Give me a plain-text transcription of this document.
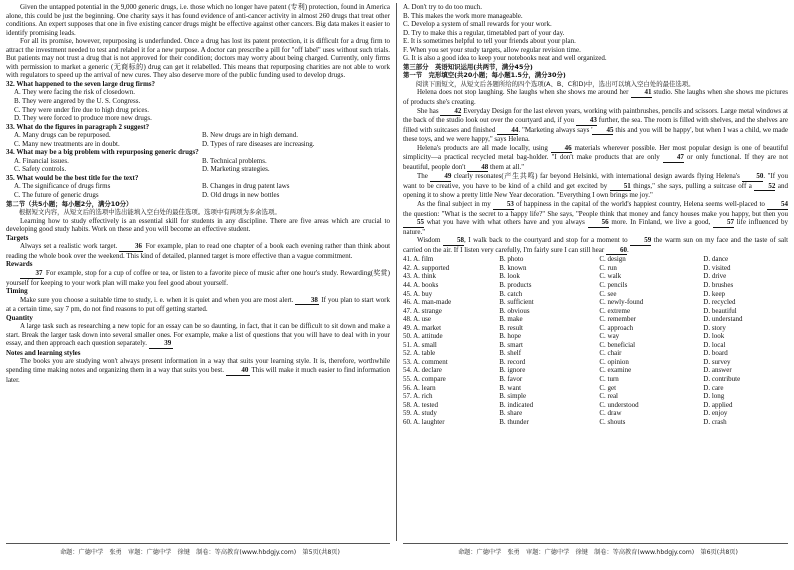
Given the untapped potential in the 9,000 generic drugs, i.e. those which no longer have patent (专利) protection, found in America alone, this could be just the beginning. One charity says it has found evidence of anti-cancer activity in almost 260 drugs that treat other conditions. An expert supposes that one in five existing cancer drugs might be effective against other cancers. Big data makes it easier to identify promising leads.
For all its promise, however, repurposing is underfunded. Once a drug has lost its patent protection, it is difficult for a drug firm to attract the investment needed to test and relabel it for a new purpose. A doctor can prescribe a pill for "off label" uses without such trials. But patients may not trust a drug that is not approved for their condition; doctors may worry about being charged. Currently, only firms with permission to market a generic (无商标的) drug can get it relabelled. This means that repurposing charities are not able to work with regulators to speed up the arrival of new cures. They also deserve more of the public funding used to develop drugs.
32. What happened to the seven large drug firms?
A. They were facing the risk of closedown.
B. They were angered by the U. S. Congress.
C. They were under fire due to high drug prices.
D. They were forced to produce more new drugs.
33. What do the figures in paragraph 2 suggest?
A. Many drugs can be repurposed.	B. New drugs are in high demand.
C. Many new treatments are in doubt.	D. Types of rare diseases are increasing.
34. What may be a big problem with repurposing generic drugs?
A. Financial issues.	B. Technical problems.
C. Safety controls.	D. Marketing strategies.
35. What would be the best title for the text?
A. The significance of drugs firms	B. Changes in drug patent laws
C. The future of generic drugs	D. Old drugs in new bottles
第二节（共5小题；每小题2分，满分10分）
根据短文内容，从短文后的选项中选出能填入空白处的最佳选项。选项中有两项为多余选项。
Learning how to study effectively is an essential skill for students in any discipline. There are five areas which are crucial to developing good study habits. Work on these and you will become an effective student.
Targets
Always set a realistic work target.	36 For example, plan to read one chapter of a book each evening rather than think about reading the whole book over the weekend. This kind of detailed, planned target is more effective than a vague commitment.
Rewards
37 For example, stop for a cup of coffee or tea, or listen to a favorite piece of music after one hour's study. Rewarding(奖赏) yourself for keeping to your work plan will make you feel good about yourself.
Timing
Make sure you choose a suitable time to study, i. e. when it is quiet and when you are most alert. 38 If you plan to start work at a certain time, say 7 pm, do not find reasons to put off getting started.
Quantity
A large task such as researching a new topic for an essay can be so daunting, in fact, that it can be difficult to sit down and make a start. Break the larger task down into several smaller ones. For example, make a list of questions that you will have to deal with in your essay, and then approach each question separately. 39
Notes and learning styles
The books you are studying won't always present information in a way that suits your learning style. It is, therefore, worthwhile spending time making notes and organizing them in a way that suits you best. 40 This will make it much easier to find information later.
A. Don't try to do too much.
B. This makes the work more manageable.
C. Develop a system of small rewards for your work.
D. Try to make this a regular, timetabled part of your day.
E. It is sometimes helpful to tell your friends about your plan.
F. When you set your study targets, allow regular revision time.
G. It is also a good idea to keep your notebooks neat and well organized.
第三部分　英语知识运用(共两节，满分45分)
第一节　完形填空(共20小题；每小题1.5分，满分30分)
阅读下面短文，从短文后各题所给的四个选项(A、B、C和D)中，选出可以填入空白处的最佳选项。
Helena does not stop laughing. She laughs when she shows me around her 41 studio. She laughs when she shows me pictures of products she's creating.
She has 42 Everyday Design for the last eleven years, working with paintbrushes, pencils and scissors. Large metal windows at the back of the studio look out over the courtyard and, if you 43 further, the sea. The room is filled with shelves, and the shelves are filled with suitcases and finished 44. "Marketing always says ' 45 this and you will be happy', but when I was a child, we made these toys, and we were happy," says Helena.
Helena's products are all made locally, using 46 materials wherever possible. Her most popular design is one of beautiful simplicity—a practical recycled metal bag-holder. "I don't make products that are only 47 or only functional. If they are not beautiful, people don't 48 them at all."
The 49 clearly resonates(产生共鸣) far beyond Helsinki, with international design awards flying Helena's 50. "If you want to be creative, you have to be kind of a child and get excited by 51 things," she says, pulling a suitcase off a 52 and opening it to show a pretty little New Year decoration. "Everything I own brings me joy."
As the final subject in my 53 of happiness in the capital of the world's happiest country, Helena seems well-placed to 54 the question: "What is the secret to a happy life?" She says, "People think that money and fancy houses make you happy, but then you 55 what you have with what others have and you always 56 more. In Finland, we live a good, 57 life influenced by nature."
Wisdom 58, I walk back to the courtyard and stop for a moment to 59 the warm sun on my face and the taste of salt carried on the air. If I listen very carefully, I'm fairly sure I can still hear 60.
41. A. film	B. photo	C. design	D. dance
42. A. supported	B. known	C. run	D. visited
43. A. think	B. look	C. walk	D. drive
44. A. books	B. products	C. pencils	D. brushes
45. A. buy	B. catch	C. see	D. keep
46. A. man-made	B. sufficient	C. newly-found	D. recycled
47. A. strange	B. obvious	C. extreme	D. beautiful
48. A. use	B. make	C. remember	D. understand
49. A. market	B. result	C. approach	D. story
50. A. attitude	B. hope	C. way	D. look
51. A. small	B. smart	C. beneficial	D. local
52. A. table	B. shelf	C. chair	D. board
53. A. comment	B. record	C. opinion	D. survey
54. A. declare	B. ignore	C. examine	D. answer
55. A. compare	B. favor	C. turn	D. contribute
56. A. learn	B. want	C. get	D. care
57. A. rich	B. simple	C. real	D. long
58. A. tested	B. indicated	C. understood	D. applied
59. A. study	B. share	C. draw	D. enjoy
60. A. laughter	B. thunder	C. shouts	D. crash
命题：广德中学　张勇　审题：广德中学　徐键　制卷：等高教育(www.hbdgjy.com)　第5页(共8页)	命题：广德中学　张勇　审题：广德中学　徐键　制卷：等高教育(www.hbdgjy.com)　第6页(共8页)
